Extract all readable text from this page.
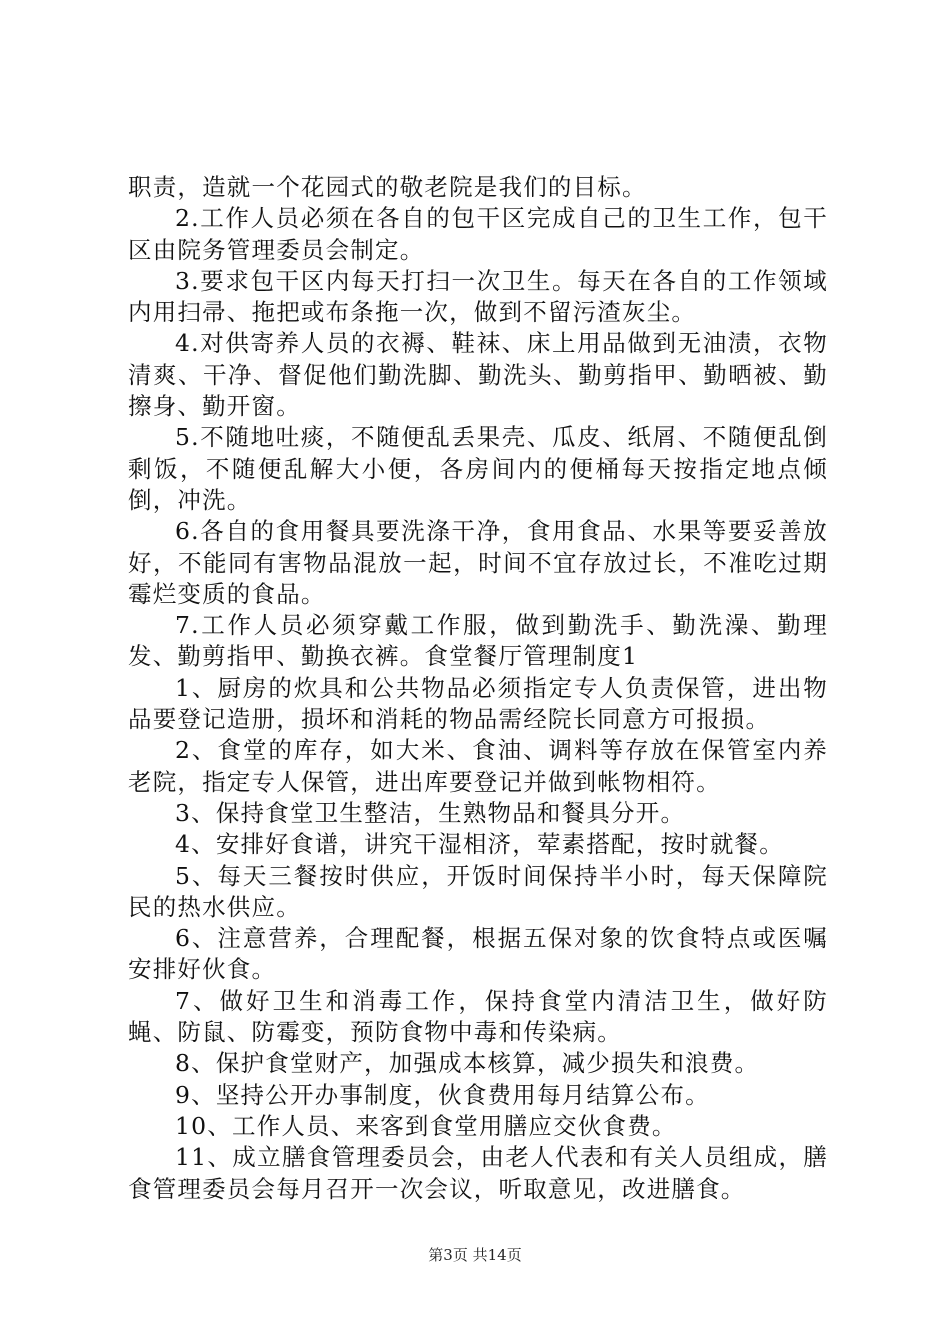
职责，造就一个花园式的敬老院是我们的目标。

2.工作人员必须在各自的包干区完成自己的卫生工作，包干区由院务管理委员会制定。

3.要求包干区内每天打扫一次卫生。每天在各自的工作领域内用扫帚、拖把或布条拖一次，做到不留污渣灰尘。

4.对供寄养人员的衣褥、鞋袜、床上用品做到无油渍，衣物清爽、干净、督促他们勤洗脚、勤洗头、勤剪指甲、勤晒被、勤擦身、勤开窗。

5.不随地吐痰，不随便乱丢果壳、瓜皮、纸屑、不随便乱倒剩饭，不随便乱解大小便，各房间内的便桶每天按指定地点倾倒，冲洗。

6.各自的食用餐具要洗涤干净，食用食品、水果等要妥善放好，不能同有害物品混放一起，时间不宜存放过长，不准吃过期霉烂变质的食品。

7.工作人员必须穿戴工作服，做到勤洗手、勤洗澡、勤理发、勤剪指甲、勤换衣裤。食堂餐厅管理制度1

1、厨房的炊具和公共物品必须指定专人负责保管，进出物品要登记造册，损坏和消耗的物品需经院长同意方可报损。

2、食堂的库存，如大米、食油、调料等存放在保管室内养老院，指定专人保管，进出库要登记并做到帐物相符。

3、保持食堂卫生整洁，生熟物品和餐具分开。

4、安排好食谱，讲究干湿相济，荤素搭配，按时就餐。

5、每天三餐按时供应，开饭时间保持半小时，每天保障院民的热水供应。

6、注意营养，合理配餐，根据五保对象的饮食特点或医嘱安排好伙食。

7、做好卫生和消毒工作，保持食堂内清洁卫生，做好防蝇、防鼠、防霉变，预防食物中毒和传染病。

8、保护食堂财产，加强成本核算，减少损失和浪费。

9、坚持公开办事制度，伙食费用每月结算公布。

10、工作人员、来客到食堂用膳应交伙食费。

11、成立膳食管理委员会，由老人代表和有关人员组成，膳食管理委员会每月召开一次会议，听取意见，改进膳食。

第3页 共14页
